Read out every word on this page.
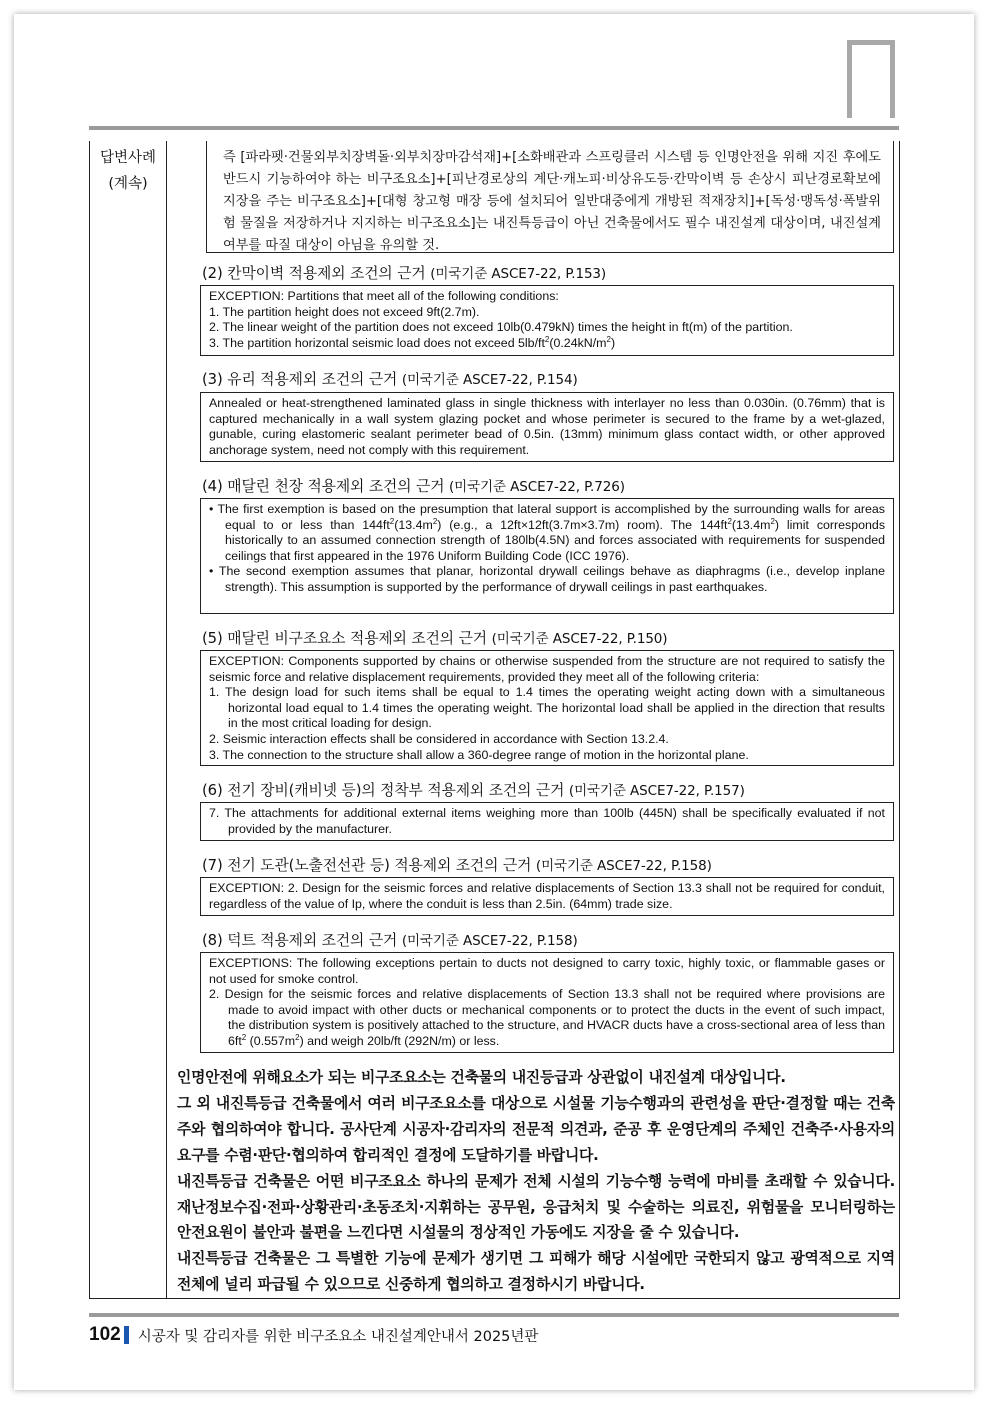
답변사례
(계속)
즉 [파라펫·건물외부치장벽돌·외부치장마감석재]+[소화배관과 스프링클러 시스템 등 인명안전을 위해 지진 후에도 반드시 기능하여야 하는 비구조요소]+[피난경로상의 계단·캐노피·비상유도등·칸막이벽 등 손상시 피난경로확보에 지장을 주는 비구조요소]+[대형 창고형 매장 등에 설치되어 일반대중에게 개방된 적재장치]+[독성·맹독성·폭발위험 물질을 저장하거나 지지하는 비구조요소]는 내진특등급이 아닌 건축물에서도 필수 내진설계 대상이며, 내진설계 여부를 따질 대상이 아님을 유의할 것.
(2) 칸막이벽 적용제외 조건의 근거 (미국기준 ASCE7-22, P.153)

EXCEPTION: Partitions that meet all of the following conditions:

1. The partition height does not exceed 9ft(2.7m).

2. The linear weight of the partition does not exceed 10lb(0.479kN) times the height in ft(m) of the partition.

3. The partition horizontal seismic load does not exceed $5lb/ft^2(0.24kN/m^2)$

(3) 유리 적용제외 조건의 근거 (미국기준 ASCE7-22, P.154)

Annealed or heat-strengthened laminated glass in single thickness with interlayer no less than 0.030in. (0.76mm) that is captured mechanically in a wall system glazing pocket and whose perimeter is secured to the frame by a wet-glazed, gunable, curing elastomeric sealant perimeter bead of 0.5in. (13mm) minimum glass contact width, or other approved anchorage system, need not comply with this requirement.

(4) 매달린 천장 적용제외 조건의 근거 (미국기준 ASCE7-22, P.726)

• The first exemption is based on the presumption that lateral support is accomplished by the surrounding walls for areas equal to or less than $144ft^2(13.4m^2)$ (e.g., a 12ft×12ft(3.7m×3.7m) room). The $144ft^2(13.4m^2)$ limit corresponds historically to an assumed connection strength of 180lb(4.5N) and forces associated with requirements for suspended ceilings that first appeared in the 1976 Uniform Building Code (ICC 1976).

• The second exemption assumes that planar, horizontal drywall ceilings behave as diaphragms (i.e., develop inplane strength). This assumption is supported by the performance of drywall ceilings in past earthquakes.

(5) 매달린 비구조요소 적용제외 조건의 근거 (미국기준 ASCE7-22, P.150)

EXCEPTION: Components supported by chains or otherwise suspended from the structure are not required to satisfy the seismic force and relative displacement requirements, provided they meet all of the following criteria:

1. The design load for such items shall be equal to 1.4 times the operating weight acting down with a simultaneous horizontal load equal to 1.4 times the operating weight. The horizontal load shall be applied in the direction that results in the most critical loading for design.

2. Seismic interaction effects shall be considered in accordance with Section 13.2.4.

3. The connection to the structure shall allow a 360-degree range of motion in the horizontal plane.

(6) 전기 장비(캐비넷 등)의 정착부 적용제외 조건의 근거 (미국기준 ASCE7-22, P.157)

7. The attachments for additional external items weighing more than 100lb (445N) shall be specifically evaluated if not provided by the manufacturer.

(7) 전기 도관(노출전선관 등) 적용제외 조건의 근거 (미국기준 ASCE7-22, P.158)

EXCEPTION: 2. Design for the seismic forces and relative displacements of Section 13.3 shall not be required for conduit, regardless of the value of Ip, where the conduit is less than 2.5in. (64mm) trade size.

(8) 덕트 적용제외 조건의 근거 (미국기준 ASCE7-22, P.158)

EXCEPTIONS: The following exceptions pertain to ducts not designed to carry toxic, highly toxic, or flammable gases or not used for smoke control.

2. Design for the seismic forces and relative displacements of Section 13.3 shall not be required where provisions are made to avoid impact with other ducts or mechanical components or to protect the ducts in the event of such impact, the distribution system is positively attached to the structure, and HVACR ducts have a cross-sectional area of less than $6ft^2$ $(0.557m^2)$ and weigh 20lb/ft (292N/m) or less.

인명안전에 위해요소가 되는 비구조요소는 건축물의 내진등급과 상관없이 내진설계 대상입니다.

그 외 내진특등급 건축물에서 여러 비구조요소를 대상으로 시설물 기능수행과의 관련성을 판단·결정할 때는 건축주와 협의하여야 합니다. 공사단계 시공자·감리자의 전문적 의견과, 준공 후 운영단계의 주체인 건축주·사용자의 요구를 수렴·판단·협의하여 합리적인 결정에 도달하기를 바랍니다.

내진특등급 건축물은 어떤 비구조요소 하나의 문제가 전체 시설의 기능수행 능력에 마비를 초래할 수 있습니다. 재난정보수집·전파·상황관리·초동조치·지휘하는 공무원, 응급처치 및 수술하는 의료진, 위험물을 모니터링하는 안전요원이 불안과 불편을 느낀다면 시설물의 정상적인 가동에도 지장을 줄 수 있습니다.

내진특등급 건축물은 그 특별한 기능에 문제가 생기면 그 피해가 해당 시설에만 국한되지 않고 광역적으로 지역 전체에 널리 파급될 수 있으므로 신중하게 협의하고 결정하시기 바랍니다.

102 시공자 및 감리자를 위한 비구조요소 내진설계안내서 2025년판
